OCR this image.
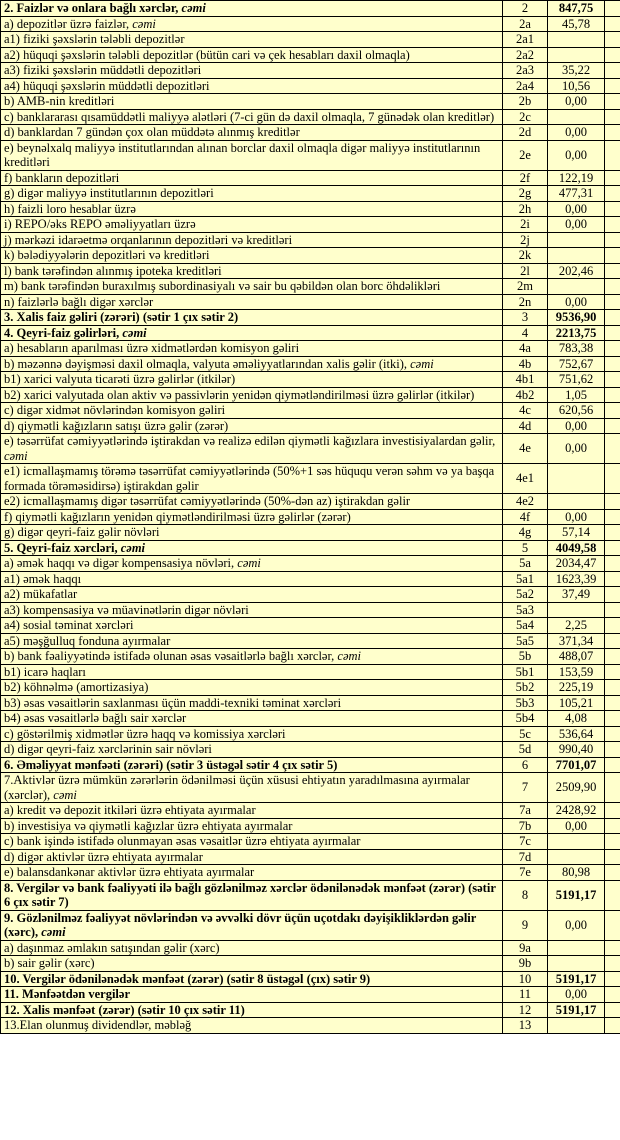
2. Faizlər və onlara bağlı xərclər, cəmi	2	847,75	
a) depozitlər üzrə faizlər, cəmi	2a	45,78	
a1) fiziki şəxslərin tələbli depozitlər	2a1		
a2) hüquqi şəxslərin tələbli depozitlər (bütün cari və çek hesabları daxil olmaqla)	2a2		
a3) fiziki şəxslərin müddətli depozitləri	2a3	35,22	
a4) hüquqi şəxslərin müddətli depozitləri	2a4	10,56	
b) AMB-nin kreditləri	2b	0,00	
c) banklararası qısamüddətli maliyyə alətləri (7-ci gün də daxil olmaqla, 7 günədək olan kreditlər)	2c		
d) banklardan 7 gündən çox olan müddətə alınmış kreditlər	2d	0,00	
e) beynəlxalq maliyyə institutlarından alınan borclar daxil olmaqla digər maliyyə institutlarının kreditləri	2e	0,00	
f) bankların depozitləri	2f	122,19	
g) digər maliyyə institutlarının depozitləri	2g	477,31	
h) faizli loro hesablar üzrə	2h	0,00	
i) REPO/əks REPO əməliyyatları üzrə	2i	0,00	
j) mərkəzi idarəetmə orqanlarının depozitləri və kreditləri	2j		
k) bələdiyyələrin depozitləri və kreditləri	2k		
l) bank tərəfindən alınmış ipoteka kreditləri	2l	202,46	
m) bank tərəfindən buraxılmış subordinasiyalı və sair bu qəbildən olan borc öhdəlikləri	2m		
n) faizlərlə bağlı digər xərclər	2n	0,00	
3. Xalis faiz gəliri (zərəri) (sətir 1 çıx sətir 2)	3	9536,90	
4. Qeyri-faiz gəlirləri, cəmi	4	2213,75	
a) hesabların aparılması üzrə xidmətlərdən komisyon gəliri	4a	783,38	
b) məzənnə dəyişməsi daxil olmaqla, valyuta əməliyyatlarından xalis gəlir (itki), cəmi	4b	752,67	
b1) xarici valyuta ticarəti üzrə gəlirlər (itkilər)	4b1	751,62	
b2) xarici valyutada olan aktiv və passivlərin yenidən qiymətləndirilməsi üzrə gəlirlər (itkilər)	4b2	1,05	
c) digər xidmət növlərindən komisyon gəliri	4c	620,56	
d) qiymətli kağızların satışı üzrə gəlir (zərər)	4d	0,00	
e) təsərrüfat cəmiyyətlərində iştirakdan və realizə edilən qiymətli kağızlara investisiyalardan gəlir, cəmi	4e	0,00	
e1) icmallaşmamış törəmə təsərrüfat cəmiyyətlərində (50%+1 səs hüququ verən səhm və ya başqa formada törəməsidirsə) iştirakdan gəlir	4e1		
e2) icmallaşmamış digər təsərrüfat cəmiyyətlərində (50%-dən az) iştirakdan gəlir	4e2		
f) qiymətli kağızların yenidən qiymətləndirilməsi üzrə gəlirlər (zərər)	4f	0,00	
g) digər qeyri-faiz gəlir növləri	4g	57,14	
5. Qeyri-faiz xərcləri, cəmi	5	4049,58	
a) əmək haqqı və digər kompensasiya növləri, cəmi	5a	2034,47	
a1) əmək haqqı	5a1	1623,39	
a2) mükafatlar	5a2	37,49	
a3) kompensasiya və müavinətlərin digər növləri	5a3		
a4) sosial təminat xərcləri	5a4	2,25	
a5) məşğulluq fonduna ayırmalar	5a5	371,34	
b) bank fəaliyyətində istifadə olunan əsas vəsaitlərlə bağlı xərclər, cəmi	5b	488,07	
b1) icarə haqları	5b1	153,59	
b2) köhnəlmə (amortizasiya)	5b2	225,19	
b3) əsas vəsaitlərin saxlanması üçün maddi-texniki təminat xərcləri	5b3	105,21	
b4) əsas vəsaitlərlə bağlı sair xərclər	5b4	4,08	
c) göstərilmiş xidmətlər üzrə haqq və komissiya xərcləri	5c	536,64	
d) digər qeyri-faiz xərclərinin sair növləri	5d	990,40	
6. Əməliyyat mənfəəti (zərəri) (sətir 3 üstəgəl sətir 4 çıx sətir 5)	6	7701,07	
7.Aktivlər üzrə mümkün zərərlərin ödənilməsi üçün xüsusi ehtiyatın yaradılmasına ayırmalar (xərclər), cəmi	7	2509,90	
a) kredit və depozit itkiləri üzrə ehtiyata ayırmalar	7a	2428,92	
b) investisiya və qiymətli kağızlar üzrə ehtiyata ayırmalar	7b	0,00	
c) bank işində istifadə olunmayan əsas vəsaitlər üzrə ehtiyata ayırmalar	7c		
d) digər aktivlər üzrə ehtiyata ayırmalar	7d		
e) balansdankənar aktivlər üzrə ehtiyata ayırmalar	7e	80,98	
8. Vergilər və bank fəaliyyəti ilə bağlı gözlənilməz xərclər ödənilənədək mənfəət (zərər) (sətir 6 çıx sətir 7)	8	5191,17	
9. Gözlənilməz fəaliyyət növlərindən və əvvəlki dövr üçün uçotdakı dəyişikliklərdən gəlir (xərc), cəmi	9	0,00	
a) daşınmaz əmlakın satışından gəlir (xərc)	9a		
b) sair gəlir (xərc)	9b		
10. Vergilər ödənilənədək mənfəət (zərər) (sətir 8 üstəgəl (çıx) sətir 9)	10	5191,17	
11. Mənfəətdən vergilər	11	0,00	
12. Xalis mənfəət (zərər) (sətir 10 çıx sətir 11)	12	5191,17	
13.Elan olunmuş dividendlər, məbləğ	13		
